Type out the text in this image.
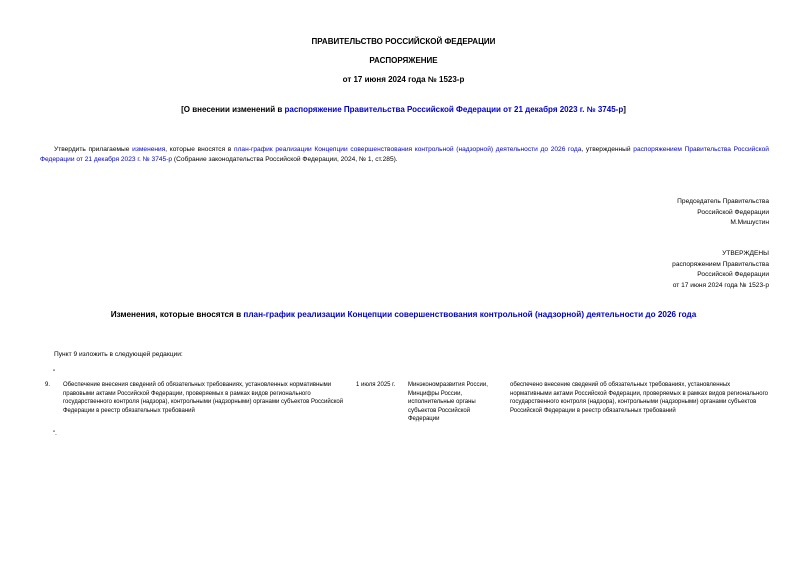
ПРАВИТЕЛЬСТВО РОССИЙСКОЙ ФЕДЕРАЦИИ
РАСПОРЯЖЕНИЕ
от 17 июня 2024 года № 1523-р
[О внесении изменений в распоряжение Правительства Российской Федерации от 21 декабря 2023 г. № 3745-р]
Утвердить прилагаемые изменения, которые вносятся в план-график реализации Концепции совершенствования контрольной (надзорной) деятельности до 2026 года, утвержденный распоряжением Правительства Российской Федерации от 21 декабря 2023 г. № 3745-р (Собрание законодательства Российской Федерации, 2024, № 1, ст.285).
Председатель Правительства
Российской Федерации
М.Мишустин
УТВЕРЖДЕНЫ
распоряжением Правительства
Российской Федерации
от 17 июня 2024 года № 1523-р
Изменения, которые вносятся в план-график реализации Концепции совершенствования контрольной (надзорной) деятельности до 2026 года
Пункт 9 изложить в следующей редакции:
"
9.	Обеспечение внесения сведений об обязательных требованиях, установленных нормативными правовыми актами Российской Федерации, проверяемых в рамках видов регионального государственного контроля (надзора), контрольными (надзорными) органами субъектов Российской Федерации в реестр обязательных требований
1 июля 2025 г.	Минэкономразвития России, Минцифры России, исполнительные органы субъектов Российской Федерации
обеспечено внесение сведений об обязательных требованиях, установленных нормативными актами Российской Федерации, проверяемых в рамках видов регионального государственного контроля (надзора), контрольными (надзорными) органами субъектов Российской Федерации в реестр обязательных требований
".
